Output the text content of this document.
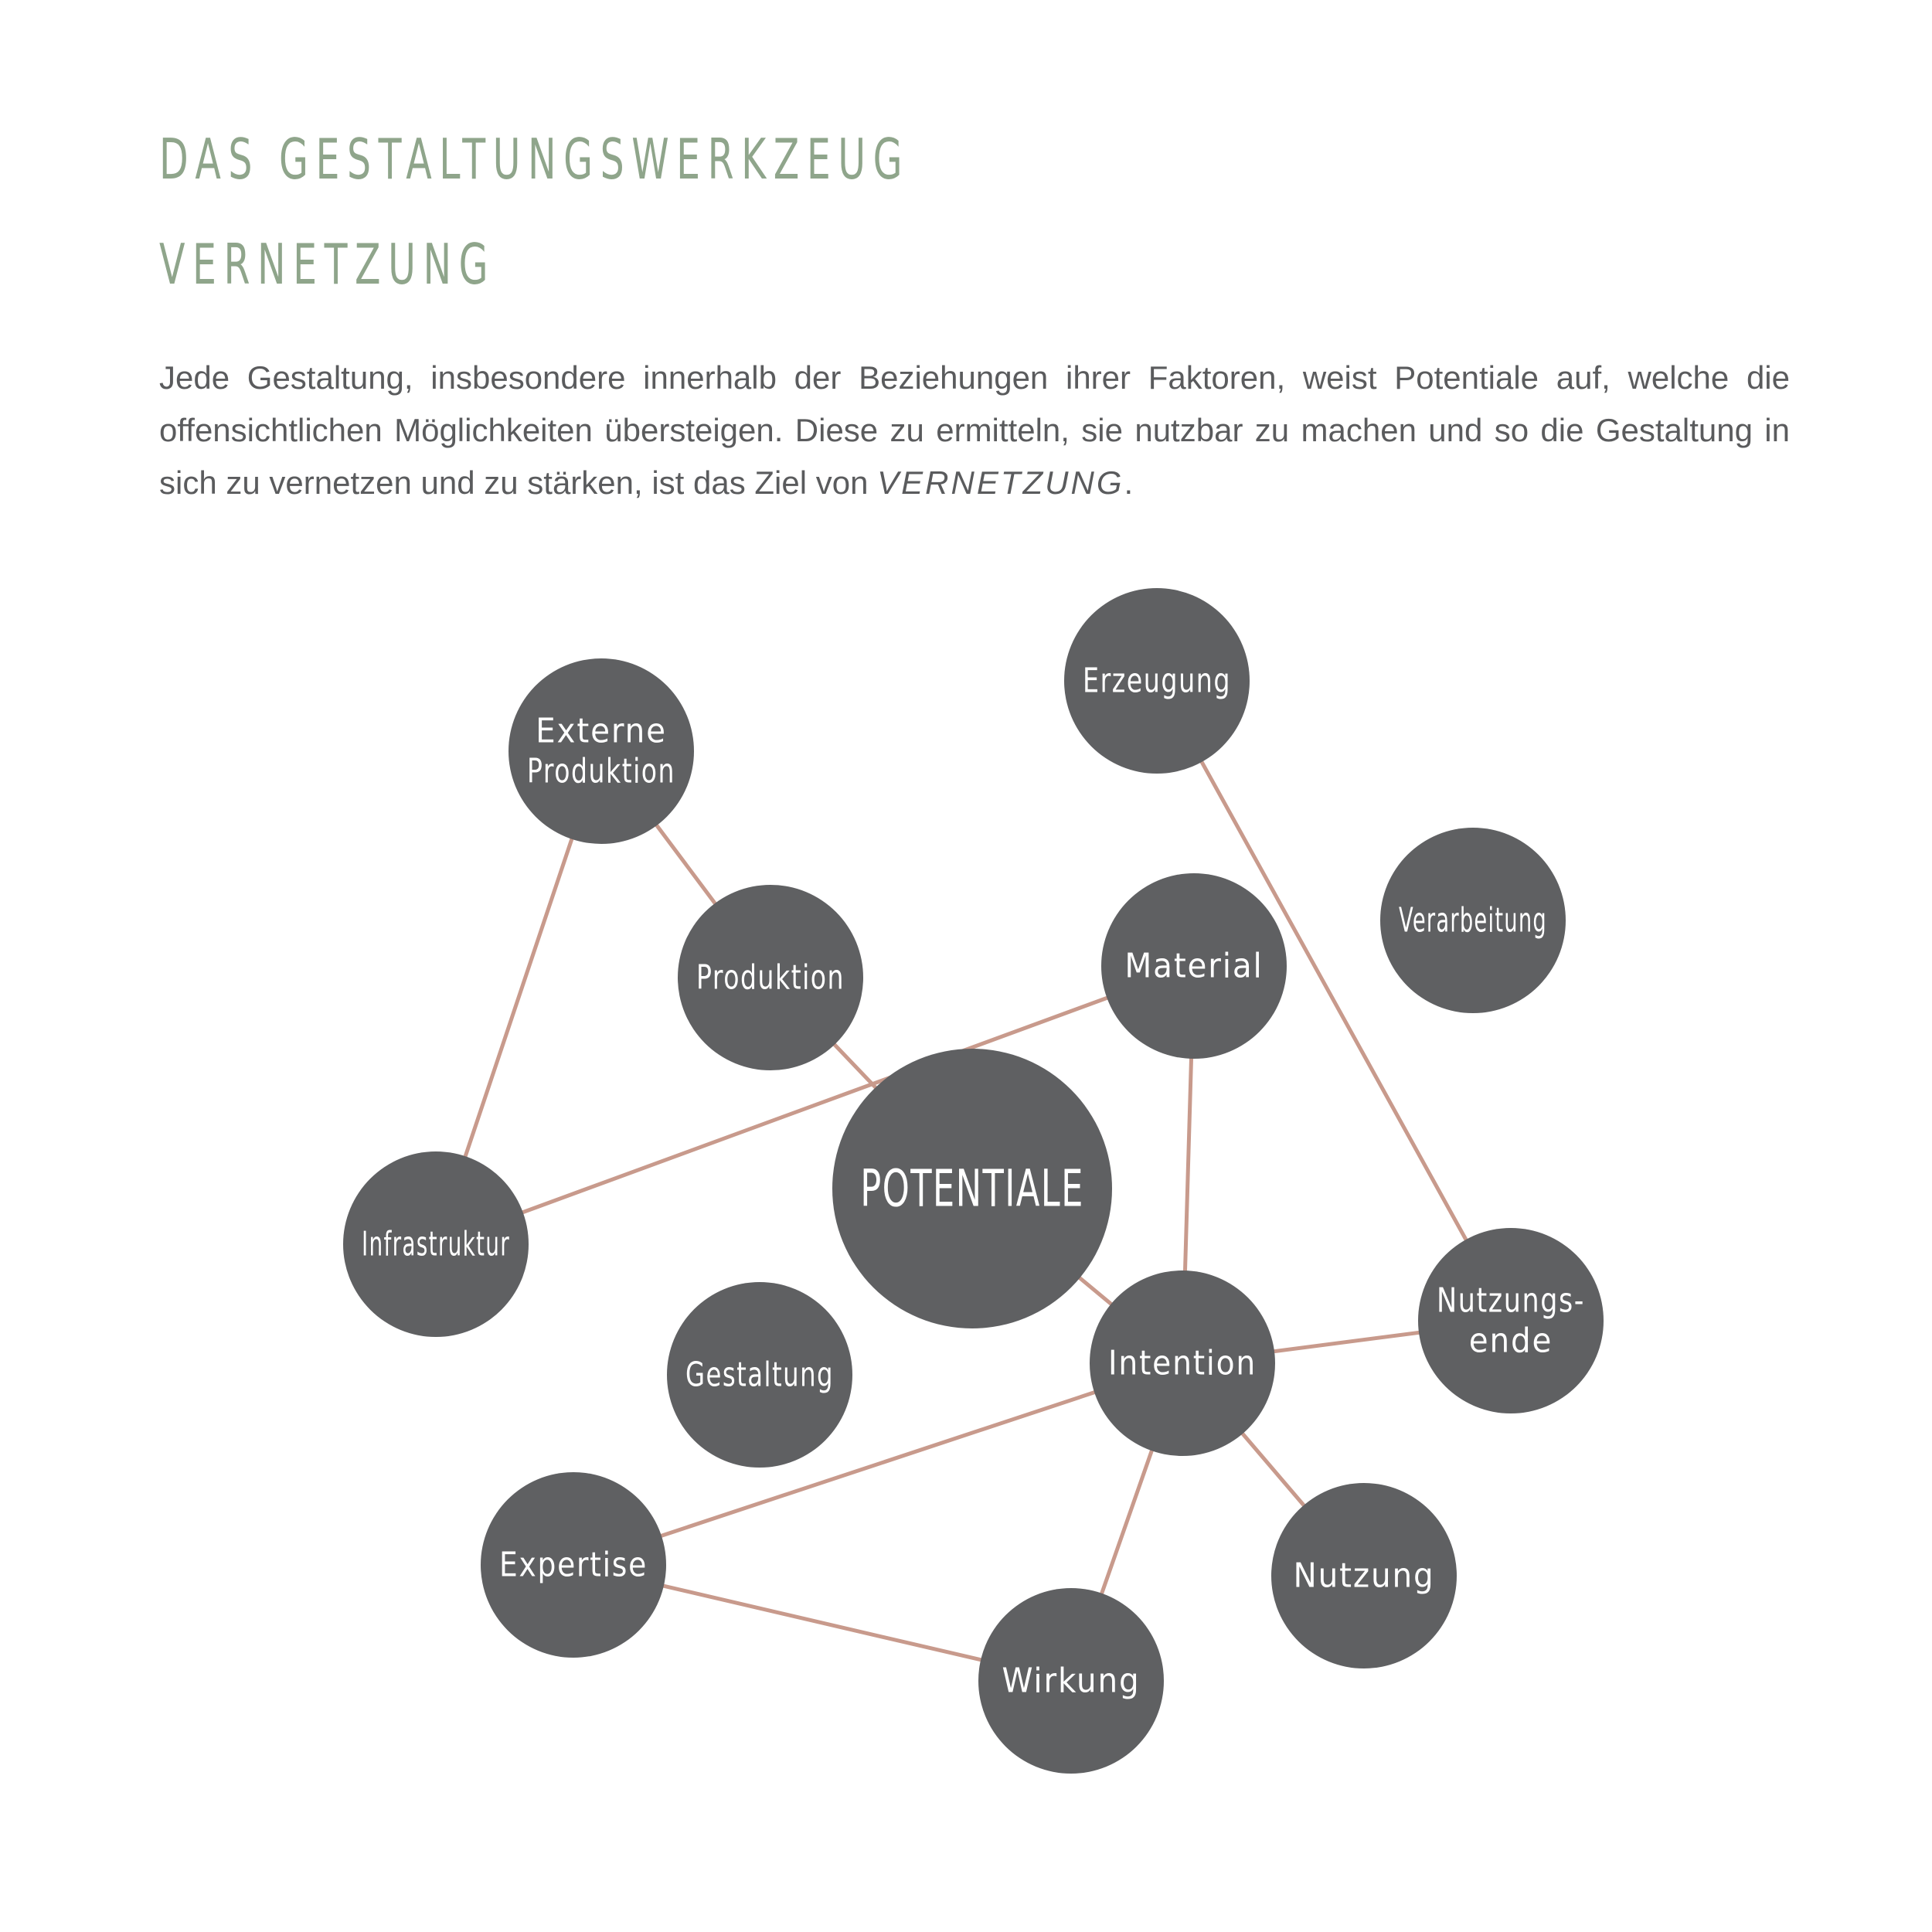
DAS GESTALTUNGSWERKZEUG
VERNETZUNG

Jede Gestaltung, insbesondere innerhalb der Beziehungen ihrer Faktoren, weist Potentiale auf, welche die offensichtlichen Möglichkeiten übersteigen. Diese zu ermitteln, sie nutzbar zu machen und so die Gestaltung in sich zu vernetzen und zu stärken, ist das Ziel von VERNETZUNG.

POTENTIALE
Externe Produktion
Erzeugung
Produktion	Material
Verarbeitung
Infrastruktur
Gestaltung	Intention
Nutzungs-ende
Expertise	Nutzung
Wirkung
